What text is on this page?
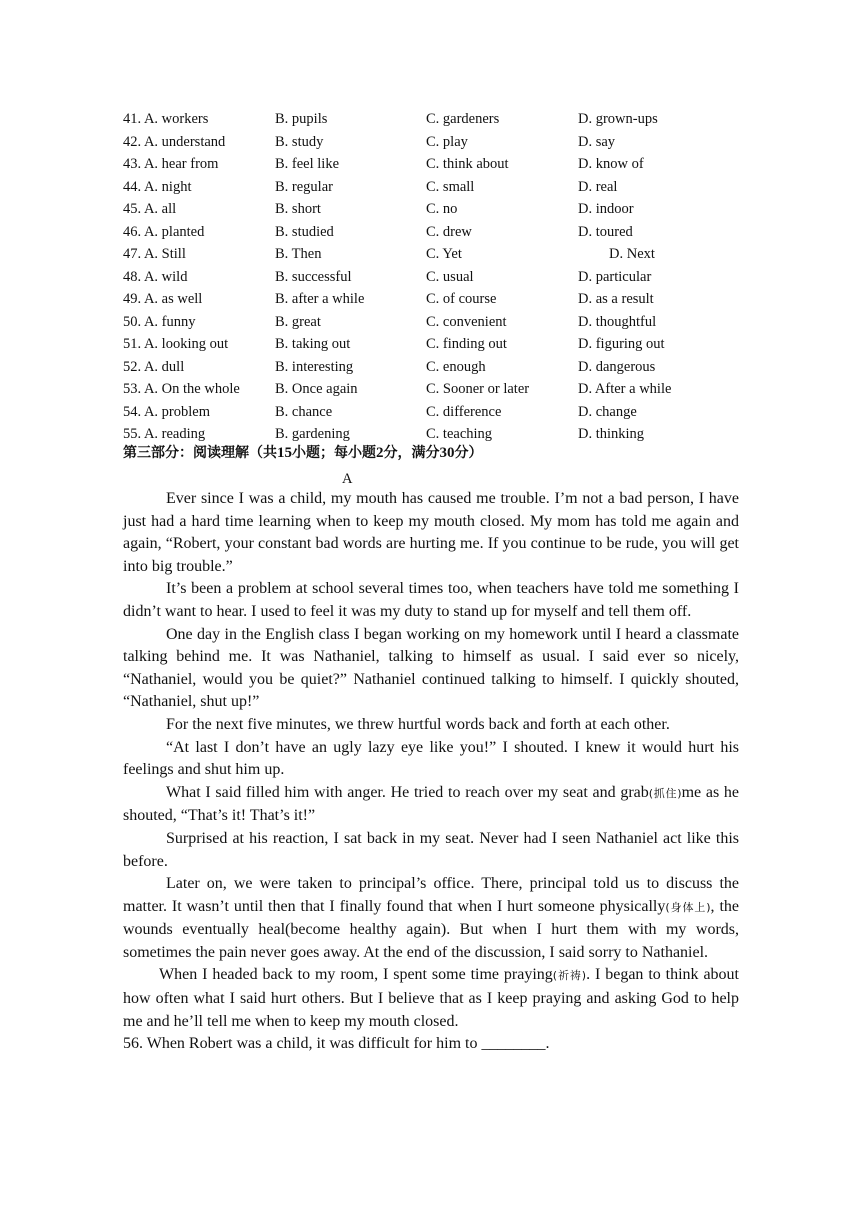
41. A. workers	B. pupils	C. gardeners	D. grown-ups
42. A. understand	B. study	C. play	D. say
43. A. hear from	B. feel like	C. think about	D. know of
44. A. night	B. regular	C. small	D. real
45. A. all	B. short	C. no	D. indoor
46. A. planted	B. studied	C. drew	D. toured
47. A. Still	B. Then	C. Yet	D. Next
48. A. wild	B. successful	C. usual	D. particular
49. A. as well	B. after a while	C. of course	D. as a result
50. A. funny	B. great	C. convenient	D. thoughtful
51. A. looking out	B. taking out	C. finding out	D. figuring out
52. A. dull	B. interesting	C. enough	D. dangerous
53. A. On the whole B. Once again	C. Sooner or later	D. After a while
54. A. problem	B. chance	C. difference	D. change
55. A. reading	B. gardening	C. teaching	D. thinking
第三部分：阅读理解（共15小题；每小题2分，满分30分）
A

Ever since I was a child, my mouth has caused me trouble. I’m not a bad person, I have just had a hard time learning when to keep my mouth closed. My mom has told me again and again, “Robert, your constant bad words are hurting me. If you continue to be rude, you will get into big trouble.”

It’s been a problem at school several times too, when teachers have told me something I didn’t want to hear. I used to feel it was my duty to stand up for myself and tell them off.

One day in the English class I began working on my homework until I heard a classmate talking behind me. It was Nathaniel, talking to himself as usual. I said ever so nicely, “Nathaniel, would you be quiet?” Nathaniel continued talking to himself. I quickly shouted, “Nathaniel, shut up!”

For the next five minutes, we threw hurtful words back and forth at each other.

“At last I don’t have an ugly lazy eye like you!” I shouted. I knew it would hurt his feelings and shut him up.

What I said filled him with anger. He tried to reach over my seat and grab(抓住)me as he shouted, “That’s it! That’s it!”

Surprised at his reaction, I sat back in my seat. Never had I seen Nathaniel act like this before.

Later on, we were taken to principal’s office. There, principal told us to discuss the matter. It wasn’t until then that I finally found that when I hurt someone physically(身体上), the wounds eventually heal(become healthy again). But when I hurt them with my words, sometimes the pain never goes away. At the end of the discussion, I said sorry to Nathaniel.

When I headed back to my room, I spent some time praying(祈祷). I began to think about how often what I said hurt others. But I believe that as I keep praying and asking God to help me and he’ll tell me when to keep my mouth closed.

56. When Robert was a child, it was difficult for him to ________.
